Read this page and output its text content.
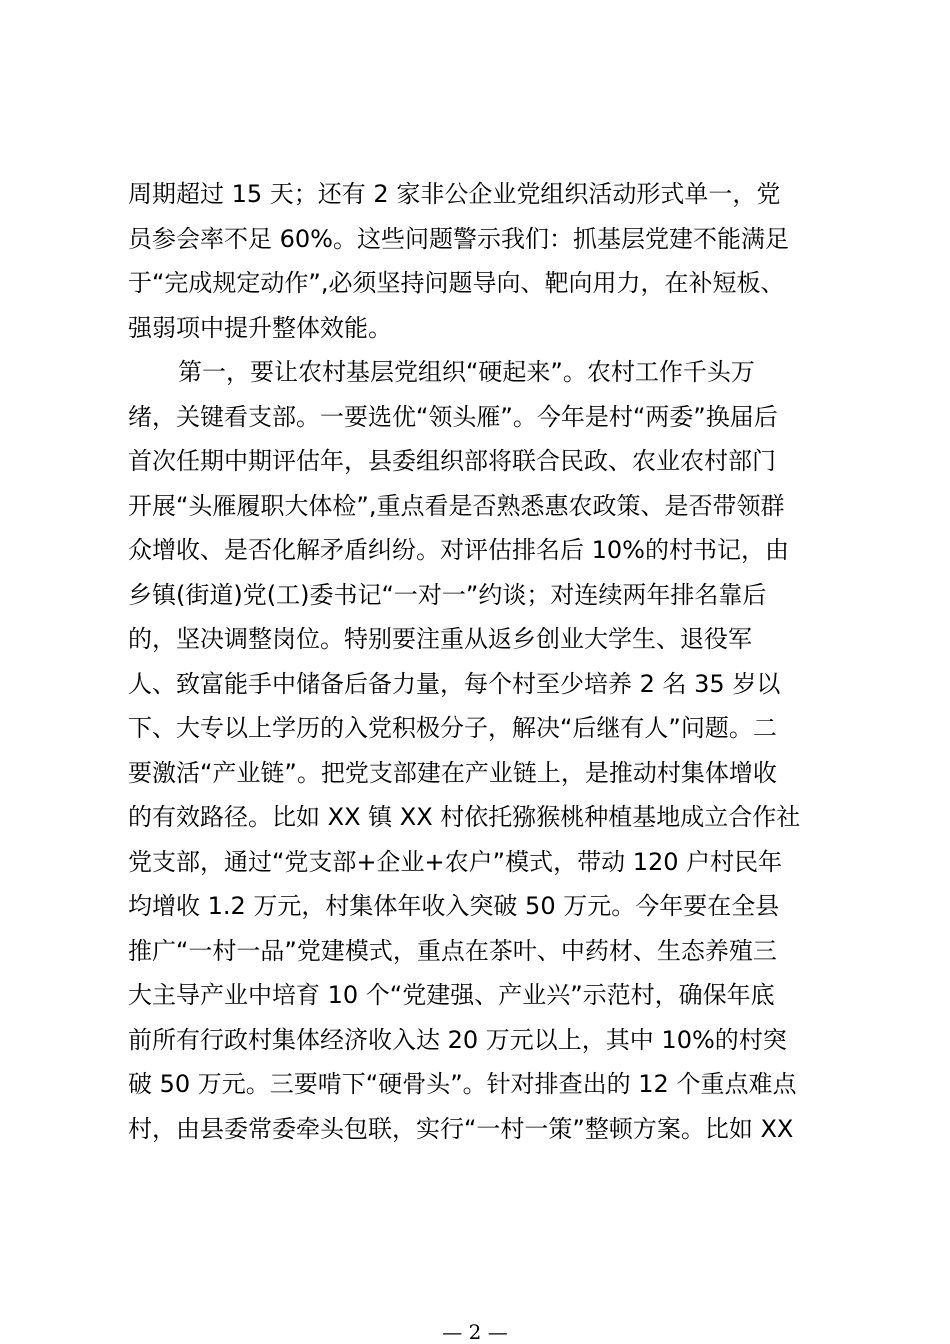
周期超过 15 天；还有 2 家非公企业党组织活动形式单一，党
员参会率不足 60%。这些问题警示我们：抓基层党建不能满足
于“完成规定动作”,必须坚持问题导向、靶向用力，在补短板、
强弱项中提升整体效能。
第一，要让农村基层党组织“硬起来”。农村工作千头万
绪，关键看支部。一要选优“领头雁”。今年是村“两委”换届后
首次任期中期评估年，县委组织部将联合民政、农业农村部门
开展“头雁履职大体检”,重点看是否熟悉惠农政策、是否带领群
众增收、是否化解矛盾纠纷。对评估排名后 10%的村书记，由
乡镇(街道)党(工)委书记“一对一”约谈；对连续两年排名靠后
的，坚决调整岗位。特别要注重从返乡创业大学生、退役军
人、致富能手中储备后备力量，每个村至少培养 2 名 35 岁以
下、大专以上学历的入党积极分子，解决“后继有人”问题。二
要激活“产业链”。把党支部建在产业链上，是推动村集体增收
的有效路径。比如 XX 镇 XX 村依托猕猴桃种植基地成立合作社
党支部，通过“党支部+企业+农户”模式，带动 120 户村民年
均增收 1.2 万元，村集体年收入突破 50 万元。今年要在全县
推广“一村一品”党建模式，重点在茶叶、中药材、生态养殖三
大主导产业中培育 10 个“党建强、产业兴”示范村，确保年底
前所有行政村集体经济收入达 20 万元以上，其中 10%的村突
破 50 万元。三要啃下“硬骨头”。针对排查出的 12 个重点难点
村，由县委常委牵头包联，实行“一村一策”整顿方案。比如 XX
— 2 —
